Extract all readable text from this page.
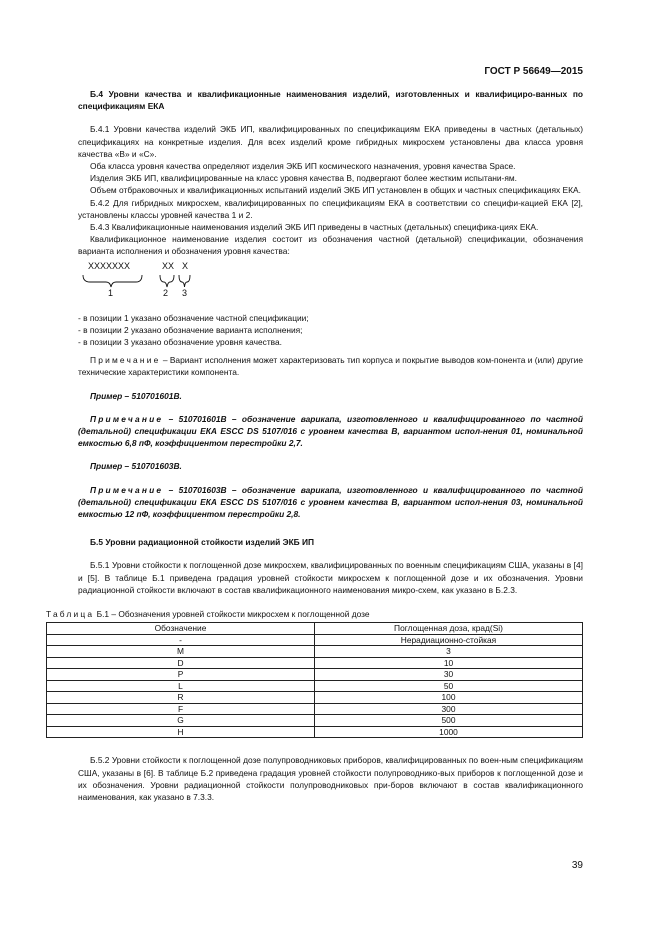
ГОСТ Р 56649—2015

Б.4 Уровни качества и квалификационные наименования изделий, изготовленных и квалифициро-ванных по спецификациям ЕКА

Б.4.1 Уровни качества изделий ЭКБ ИП, квалифицированных по спецификациям ЕКА приведены в частных (детальных) спецификациях на конкретные изделия. Для всех изделий кроме гибридных микросхем установлены два класса уровня качества «В» и «С».

Оба класса уровня качества определяют изделия ЭКБ ИП космического назначения, уровня качества Space.

Изделия ЭКБ ИП, квалифицированные на класс уровня качества В, подвергают более жестким испытани-ям.

Объем отбраковочных и квалификационных испытаний изделий ЭКБ ИП установлен в общих и частных спецификациях ЕКА.

Б.4.2 Для гибридных микросхем, квалифицированных по спецификациям ЕКА в соответствии со специфи-кацией ЕКА [2], установлены классы уровней качества 1 и 2.

Б.4.3 Квалификационные наименования изделий ЭКБ ИП приведены в частных (детальных) специфика-циях ЕКА.

Квалификационное наименование изделия состоит из обозначения частной (детальной) спецификации, обозначения варианта исполнения и обозначения уровня качества:

XXXXXXX	XX X
1	2 3

- в позиции 1 указано обозначение частной спецификации;

- в позиции 2 указано обозначение варианта исполнения;

- в позиции 3 указано обозначение уровня качества.

Примечание – Вариант исполнения может характеризовать тип корпуса и покрытие выводов ком-понента и (или) другие технические характеристики компонента.

Пример – 510701601В.

Примечание – 510701601В – обозначение варикапа, изготовленного и квалифицированного по частной (детальной) спецификации ЕКА ESCC DS 5107/016 с уровнем качества В, вариантом испол-нения 01, номинальной емкостью 6,8 пФ, коэффициентом перестройки 2,7.

Пример – 510701603В.

Примечание – 510701603В – обозначение варикапа, изготовленного и квалифицированного по частной (детальной) спецификации ЕКА ESCC DS 5107/016 с уровнем качества В, вариантом испол-нения 03, номинальной емкостью 12 пФ, коэффициентом перестройки 2,8.

Б.5 Уровни радиационной стойкости изделий ЭКБ ИП

Б.5.1 Уровни стойкости к поглощенной дозе микросхем, квалифицированных по военным спецификациям США, указаны в [4] и [5]. В таблице Б.1 приведена градация уровней стойкости микросхем к поглощенной дозе и их обозначения. Уровни радиационной стойкости включают в состав квалификационного наименования микро-схем, как указано в Б.2.3.

Таблица Б.1 – Обозначения уровней стойкости микросхем к поглощенной дозе

Обозначение	Поглощенная доза, крад(Si)
-	Нерадиационно-стойкая
M	3
D	10
P	30
L	50
R	100
F	300
G	500
H	1000

Б.5.2 Уровни стойкости к поглощенной дозе полупроводниковых приборов, квалифицированных по воен-ным спецификациям США, указаны в [6]. В таблице Б.2 приведена градация уровней стойкости полупроводнико-вых приборов к поглощенной дозе и их обозначения. Уровни радиационной стойкости полупроводниковых при-боров включают в состав квалификационного наименования, как указано в 7.3.3.

39
